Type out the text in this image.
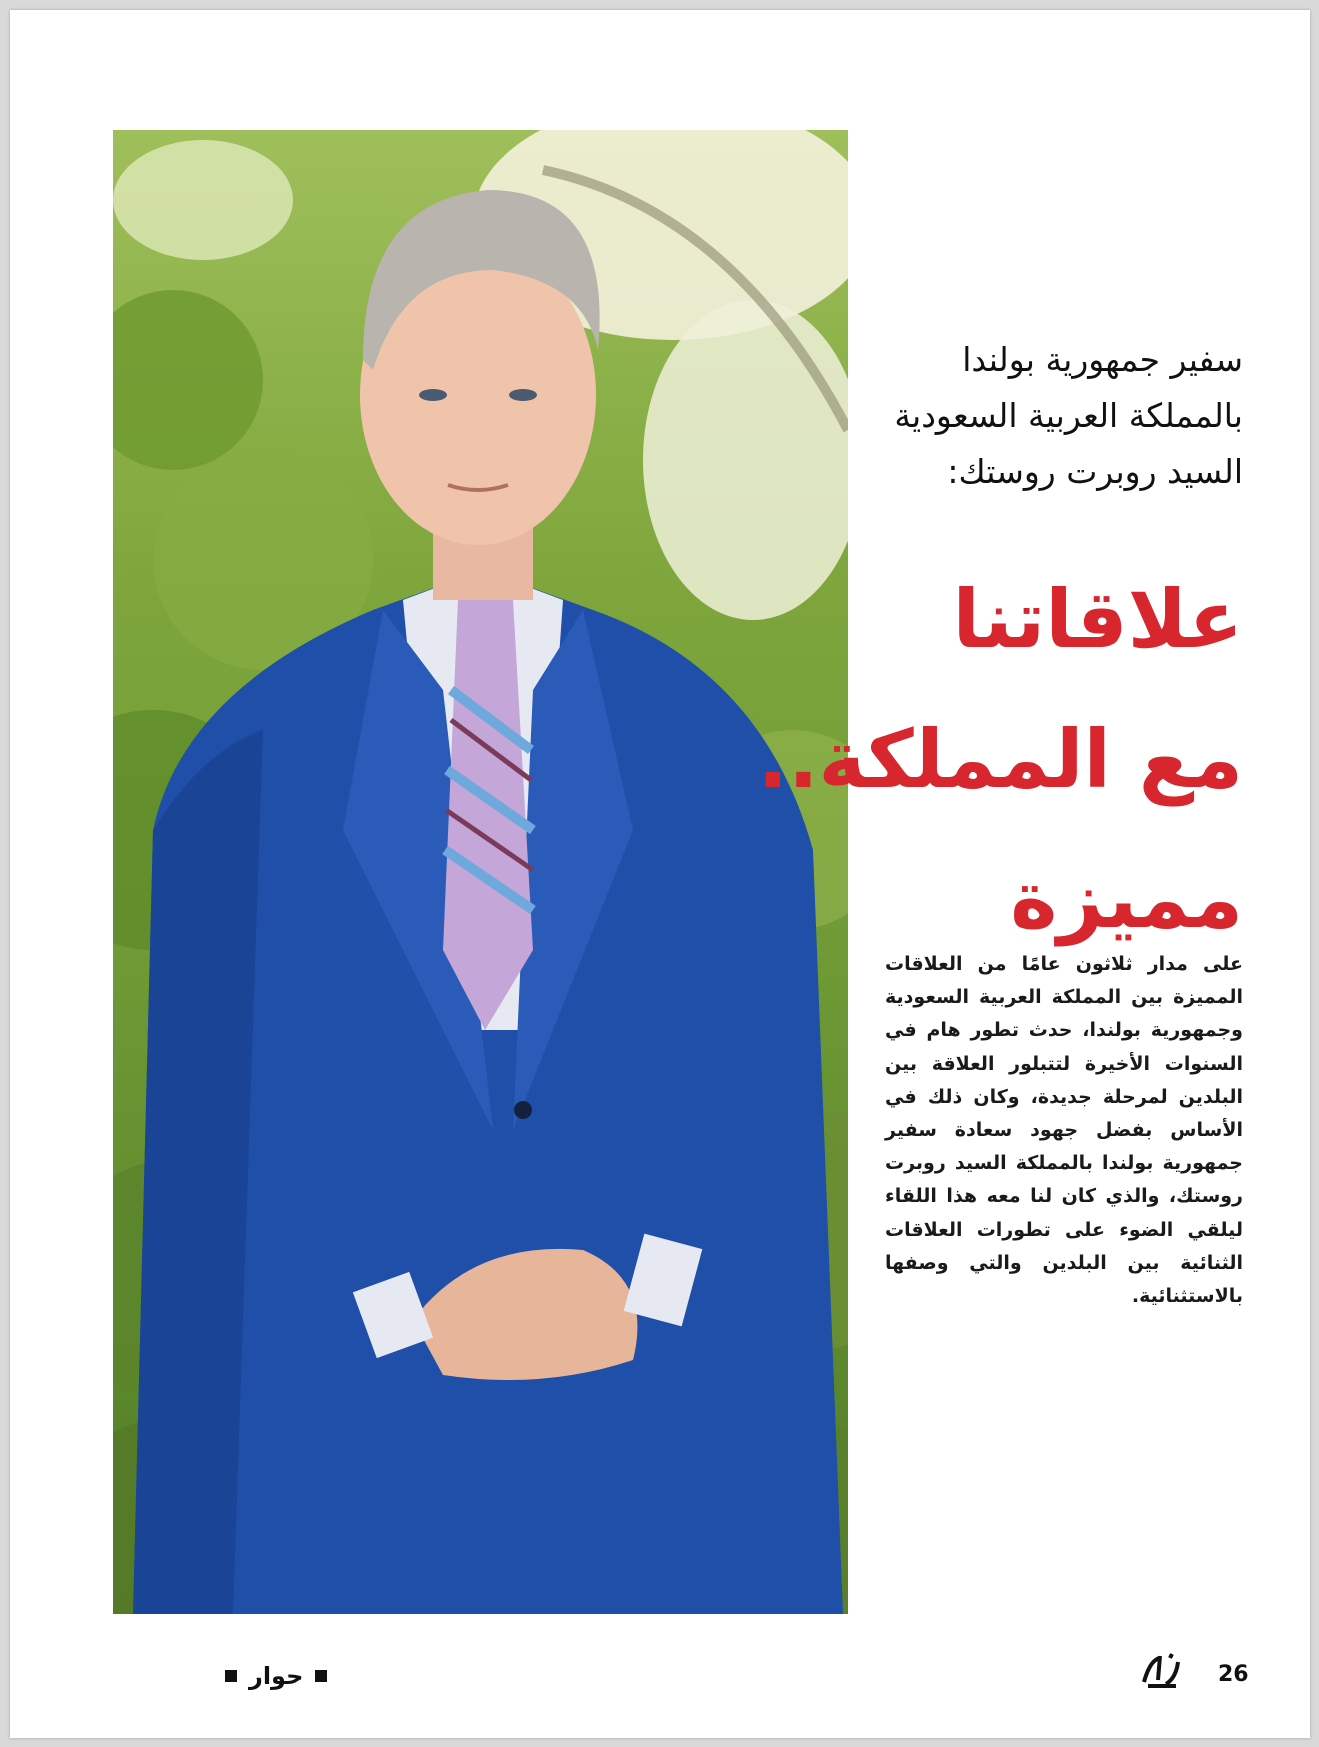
سفير جمهورية بولندا
بالمملكة العربية السعودية
السيد روبرت روستك:
علاقاتنا
مع المملكة..
مميزة
على مدار ثلاثون عامًا من العلاقات المميزة بين المملكة العربية السعودية وجمهورية بولندا، حدث تطور هام في السنوات الأخيرة لتتبلور العلاقة بين البلدين لمرحلة جديدة، وكان ذلك في الأساس بفضل جهود سعادة سفير جمهورية بولندا بالمملكة السيد روبرت روستك، والذي كان لنا معه هذا اللقاء ليلقي الضوء على تطورات العلاقات الثنائية بين البلدين والتي وصفها بالاستثنائية.
حوار	26
